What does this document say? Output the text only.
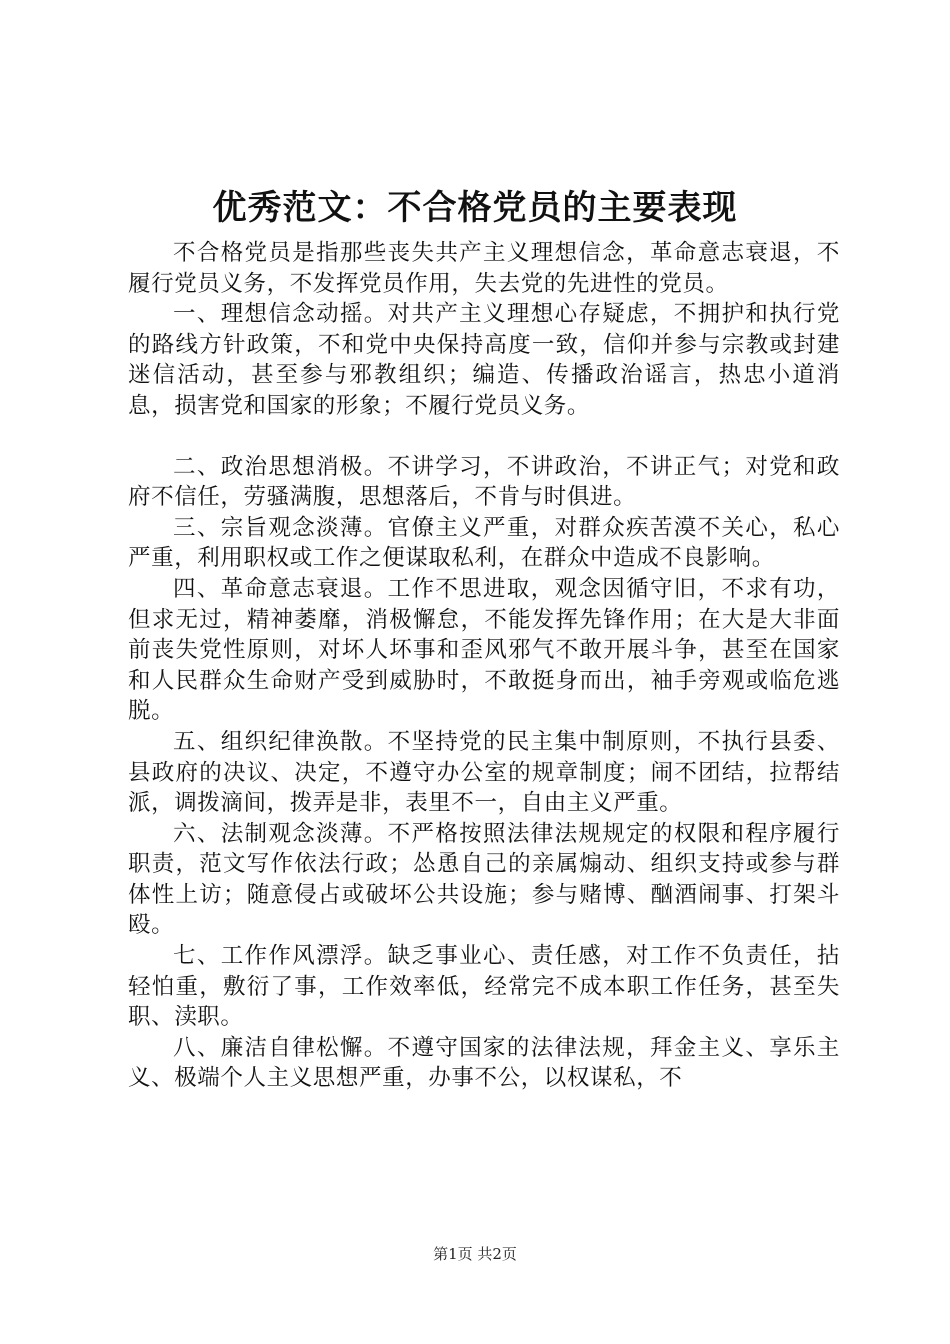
优秀范文：不合格党员的主要表现

不合格党员是指那些丧失共产主义理想信念，革命意志衰退，不履行党员义务，不发挥党员作用，失去党的先进性的党员。

一、理想信念动摇。对共产主义理想心存疑虑，不拥护和执行党的路线方针政策，不和党中央保持高度一致，信仰并参与宗教或封建迷信活动，甚至参与邪教组织；编造、传播政治谣言，热忠小道消息，损害党和国家的形象；不履行党员义务。

二、政治思想消极。不讲学习，不讲政治，不讲正气；对党和政府不信任，劳骚满腹，思想落后，不肯与时俱进。

三、宗旨观念淡薄。官僚主义严重，对群众疾苦漠不关心，私心严重，利用职权或工作之便谋取私利，在群众中造成不良影响。

四、革命意志衰退。工作不思进取，观念因循守旧，不求有功，但求无过，精神萎靡，消极懈怠，不能发挥先锋作用；在大是大非面前丧失党性原则，对坏人坏事和歪风邪气不敢开展斗争，甚至在国家和人民群众生命财产受到威胁时，不敢挺身而出，袖手旁观或临危逃脱。

五、组织纪律涣散。不坚持党的民主集中制原则，不执行县委、县政府的决议、决定，不遵守办公室的规章制度；闹不团结，拉帮结派，调拨滴间，拨弄是非，表里不一，自由主义严重。

六、法制观念淡薄。不严格按照法律法规规定的权限和程序履行职责，范文写作依法行政；怂恿自己的亲属煽动、组织支持或参与群体性上访；随意侵占或破坏公共设施；参与赌博、酗酒闹事、打架斗殴。

七、工作作风漂浮。缺乏事业心、责任感，对工作不负责任，拈轻怕重，敷衍了事，工作效率低，经常完不成本职工作任务，甚至失职、渎职。

八、廉洁自律松懈。不遵守国家的法律法规，拜金主义、享乐主义、极端个人主义思想严重，办事不公，以权谋私，不

第1页 共2页
